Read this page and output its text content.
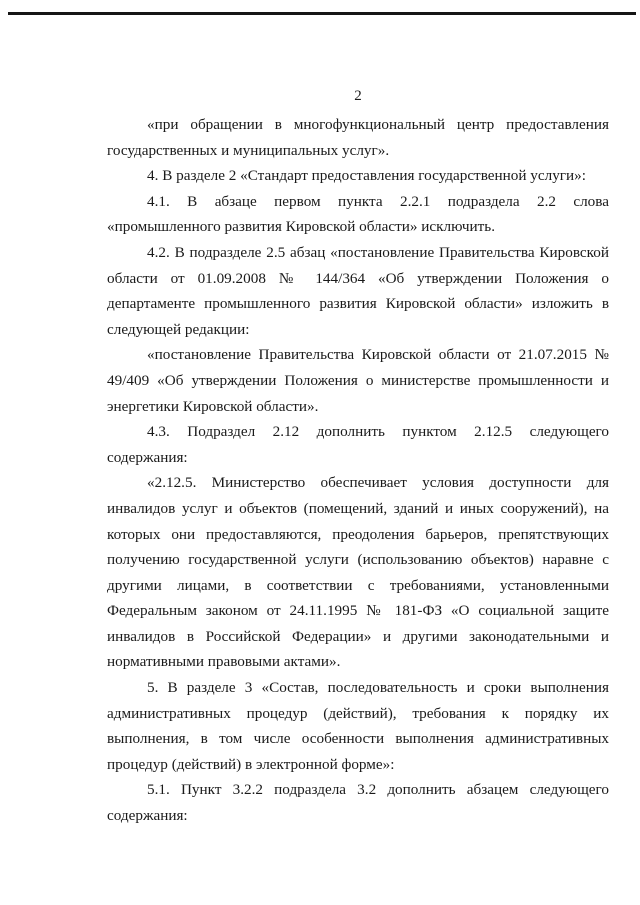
2

«при обращении в многофункциональный центр предоставления государственных и муниципальных услуг».

4. В разделе 2 «Стандарт предоставления государственной услуги»:

4.1. В абзаце первом пункта 2.2.1 подраздела 2.2 слова «промышленного развития Кировской области» исключить.

4.2. В подразделе 2.5 абзац «постановление Правительства Кировской области от 01.09.2008 № 144/364 «Об утверждении Положения о департаменте промышленного развития Кировской области» изложить в следующей редакции:

«постановление Правительства Кировской области от 21.07.2015 № 49/409 «Об утверждении Положения о министерстве промышленности и энергетики Кировской области».

4.3. Подраздел 2.12 дополнить пунктом 2.12.5 следующего содержания:

«2.12.5. Министерство обеспечивает условия доступности для инвалидов услуг и объектов (помещений, зданий и иных сооружений), на которых они предоставляются, преодоления барьеров, препятствующих получению государственной услуги (использованию объектов) наравне с другими лицами, в соответствии с требованиями, установленными Федеральным законом от 24.11.1995 № 181-ФЗ «О социальной защите инвалидов в Российской Федерации» и другими законодательными и нормативными правовыми актами».

5. В разделе 3 «Состав, последовательность и сроки выполнения административных процедур (действий), требования к порядку их выполнения, в том числе особенности выполнения административных процедур (действий) в электронной форме»:

5.1. Пункт 3.2.2 подраздела 3.2 дополнить абзацем следующего содержания:
